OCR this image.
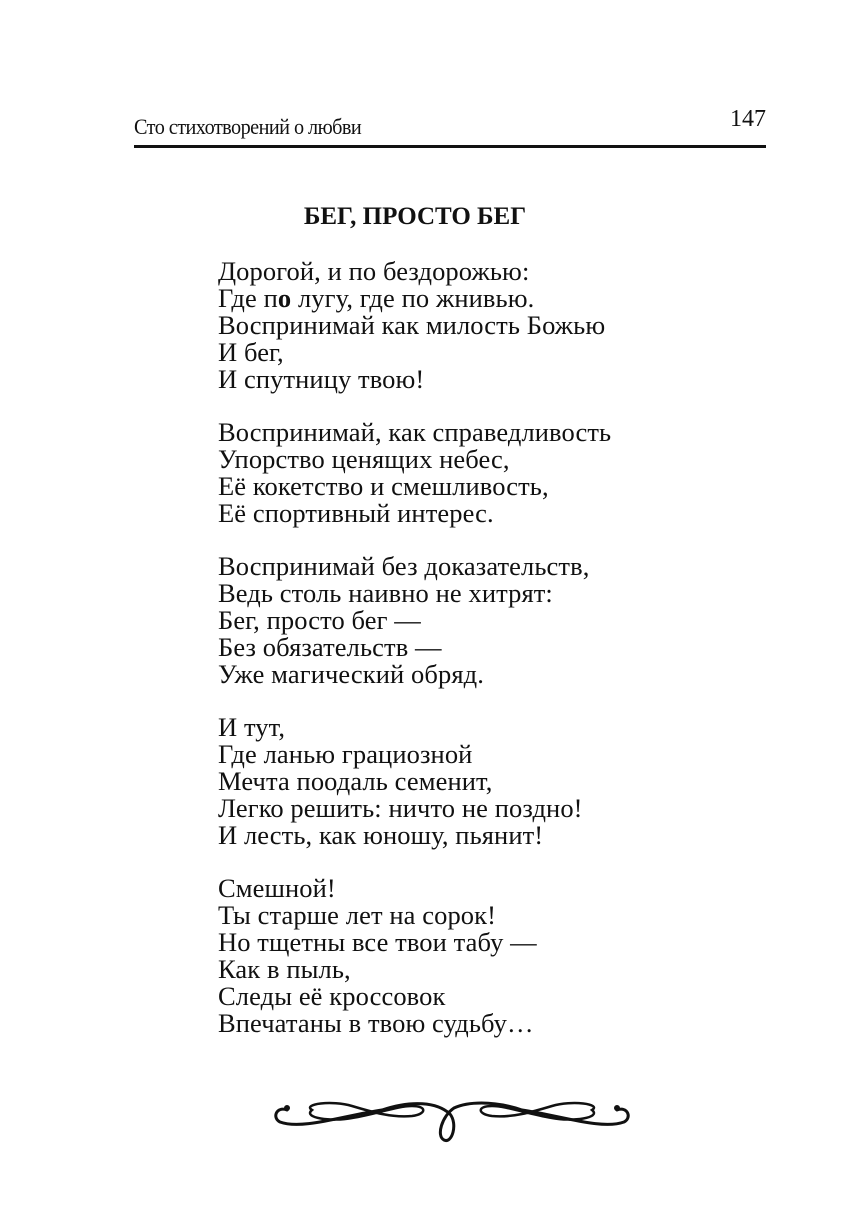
Сто стихотворений о любви	147
БЕГ, ПРОСТО БЕГ
Дорогой, и по бездорожью:
Где по лугу, где по жнивью.
Воспринимай как милость Божью
И бег,
И спутницу твою!
Воспринимай, как справедливость
Упорство ценящих небес,
Её кокетство и смешливость,
Её спортивный интерес.
Воспринимай без доказательств,
Ведь столь наивно не хитрят:
Бег, просто бег —
Без обязательств —
Уже магический обряд.
И тут,
Где ланью грациозной
Мечта поодаль семенит,
Легко решить: ничто не поздно!
И лесть, как юношу, пьянит!
Смешной!
Ты старше лет на сорок!
Но тщетны все твои табу —
Как в пыль,
Следы её кроссовок
Впечатаны в твою судьбу…
